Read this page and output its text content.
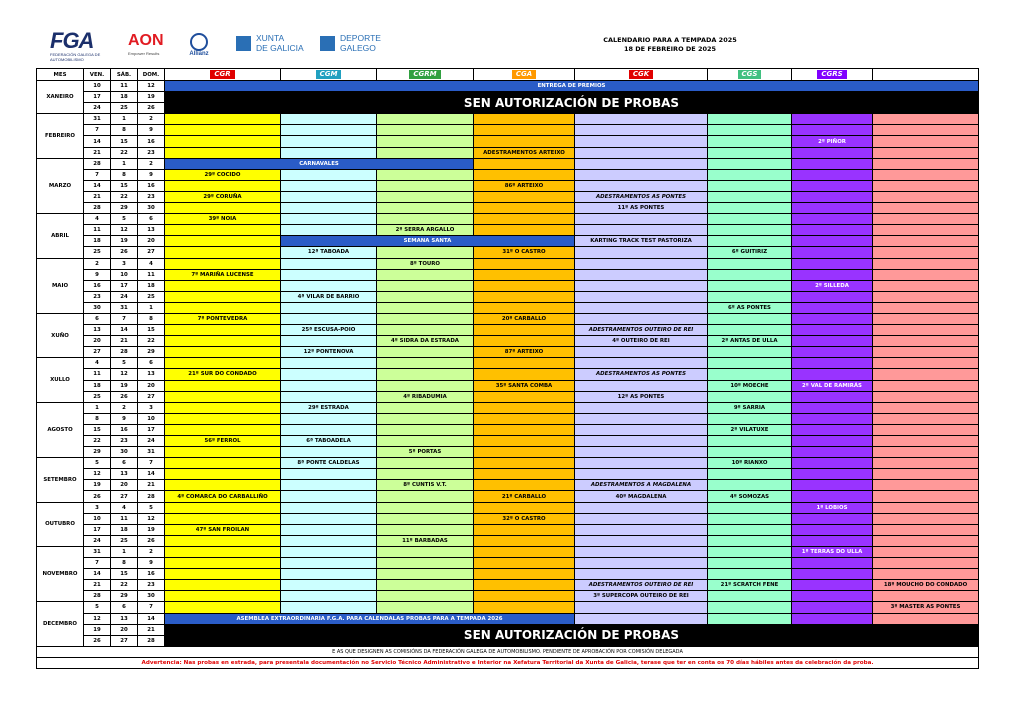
FGA
FEDERACIÓN GALEGA DE AUTOMOBILISMO
AON
Empower Results	Allianz
XUNTA
DE GALICIA
DEPORTE
GALEGO
CALENDARIO PARA A TEMPADA 2025
18 DE FEBREIRO DE 2025
MES	VEN.	SÁB.	DOM.	CGR	CGM	CGRM	CGA	CGK	CGS	CGRS	OUTRAS PROBAS
XANEIRO	10	11	12	ENTREGA DE PREMIOS							
	17	18	19	SEN AUTORIZACIÓN DE PROBAS							
	24	25	26								
FEBREIRO	31	1	2								
	7	8	9								
	14	15	16							2º PIÑOR	
	21	22	23				ADESTRAMENTOS ARTEIXO				
MARZO	28	1	2	CARNAVALES							
	7	8	9	29º COCIDO							
	14	15	16				86º ARTEIXO				
	21	22	23	29º CORUÑA				ADESTRAMENTOS AS PONTES			
	28	29	30					11º AS PONTES			
ABRIL	4	5	6	39º NOIA							
	11	12	13			2º SERRA ARGALLO					
	18	19	20		SEMANA SANTA			KARTING TRACK TEST PASTORIZA			
	25	26	27		12ª TABOADA		31º O CASTRO		6º GUITIRIZ		
MAIO	2	3	4			8º TOURO					
	9	10	11	7º MARIÑA LUCENSE							
	16	17	18							2º SILLEDA	
	23	24	25		4ª VILAR DE BARRIO						
	30	31	1						6º AS PONTES		
XUÑO	6	7	8	7º PONTEVEDRA			20º CARBALLO				
	13	14	15		25ª ESCUSA-POIO			ADESTRAMENTOS OUTEIRO DE REI			
	20	21	22			4º SIDRA DA ESTRADA		4º OUTEIRO DE REI	2º ANTAS DE ULLA		
	27	28	29		12º PONTENOVA		87º ARTEIXO				
XULLO	4	5	6								
	11	12	13	21º SUR DO CONDADO				ADESTRAMENTOS AS PONTES			
	18	19	20				35º SANTA COMBA		10º MOECHE	2º VAL DE RAMIRÁS	
	25	26	27			4º RIBADUMIA		12º AS PONTES			
AGOSTO	1	2	3		29º ESTRADA				9º SARRIA		
	8	9	10								
	15	16	17						2º VILATUXE		
	22	23	24	56º FERROL	6ª TABOADELA						
	29	30	31			5º PORTAS					
SETEMBRO	5	6	7		8ª PONTE CALDELAS				10º RIANXO		
	12	13	14								
	19	20	21			8º CUNTIS V.T.		ADESTRAMENTOS A MAGDALENA			
	26	27	28	4º COMARCA DO CARBALLIÑO			21º CARBALLO	40º MAGDALENA	4º SOMOZAS		
OUTUBRO	3	4	5							1º LOBIOS	
	10	11	12				32º O CASTRO				
	17	18	19	47º SAN FROILAN							
	24	25	26			11º BARBADAS					
NOVEMBRO	31	1	2							1º TERRAS DO ULLA	
	7	8	9								
	14	15	16								
	21	22	23					ADESTRAMENTOS OUTEIRO DE REI	21º SCRATCH FENE		18º MOUCHO DO CONDADO
	28	29	30					3º SUPERCOPA OUTEIRO DE REI			
DECEMBRO	5	6	7								3º MASTER AS PONTES
	12	13	14	ASEMBLEA EXTRAORDINARIA F.G.A. PARA CALENDALAS PROBAS PARA A TEMPADA 2026							
	19	20	21	SEN AUTORIZACIÓN DE PROBAS							
	26	27	28								
E AS QUE DESIGNEN AS COMISIÓNS DA FEDERACIÓN GALEGA DE AUTOMOBILISMO. PENDIENTE DE APROBACIÓN POR COMISIÓN DELEGADA											
Advertencia: Nas probas en estrada, para presentala documentación no Servicio Técnico Administrativo e Interior na Xefatura Territorial da Xunta de Galicia, terase que ter en conta os 70 días hábiles antes da celebración da proba.											
